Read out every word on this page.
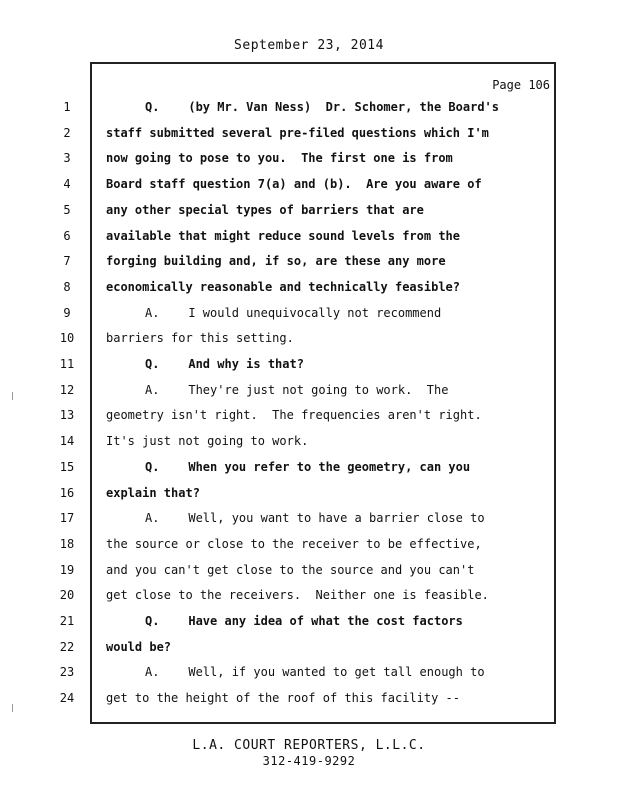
September 23, 2014
Page 106
1	Q.    (by Mr. Van Ness)  Dr. Schomer, the Board's
2	staff submitted several pre-filed questions which I'm
3	now going to pose to you.  The first one is from
4	Board staff question 7(a) and (b).  Are you aware of
5	any other special types of barriers that are
6	available that might reduce sound levels from the
7	forging building and, if so, are these any more
8	economically reasonable and technically feasible?
9	A.    I would unequivocally not recommend
10	barriers for this setting.
11	Q.    And why is that?
12	A.    They're just not going to work.  The
13	geometry isn't right.  The frequencies aren't right.
14	It's just not going to work.
15	Q.    When you refer to the geometry, can you
16	explain that?
17	A.    Well, you want to have a barrier close to
18	the source or close to the receiver to be effective,
19	and you can't get close to the source and you can't
20	get close to the receivers.  Neither one is feasible.
21	Q.    Have any idea of what the cost factors
22	would be?
23	A.    Well, if you wanted to get tall enough to
24	get to the height of the roof of this facility --
L.A. COURT REPORTERS, L.L.C.
312-419-9292
